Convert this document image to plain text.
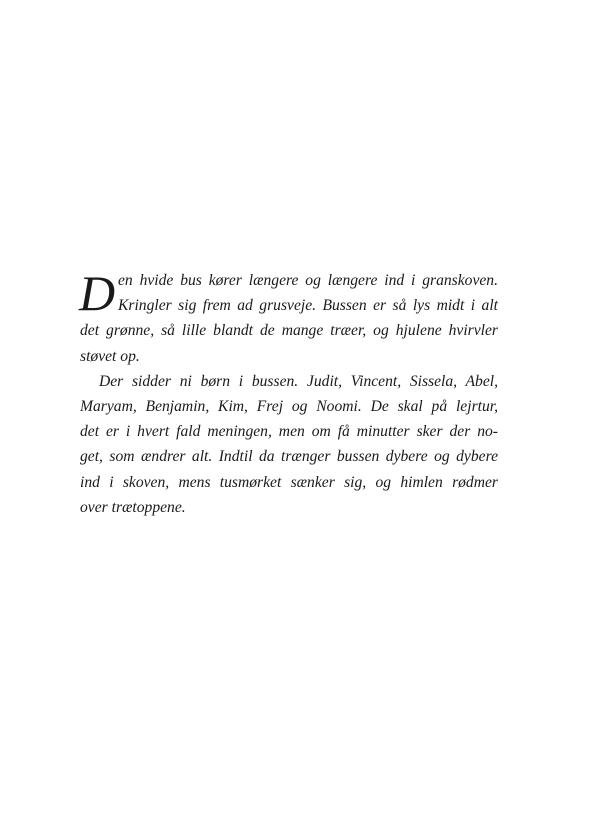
D en hvide bus kører længere og længere ind i granskoven.
Kringler sig frem ad grusveje. Bussen er så lys midt i alt
det grønne, så lille blandt de mange træer, og hjulene hvirvler
støvet op.
Der sidder ni børn i bussen. Judit, Vincent, Sissela, Abel,
Maryam, Benjamin, Kim, Frej og Noomi. De skal på lejrtur,
det er i hvert fald meningen, men om få minutter sker der no-
get, som ændrer alt. Indtil da trænger bussen dybere og dybere
ind i skoven, mens tusmørket sænker sig, og himlen rødmer
over trætoppene.
